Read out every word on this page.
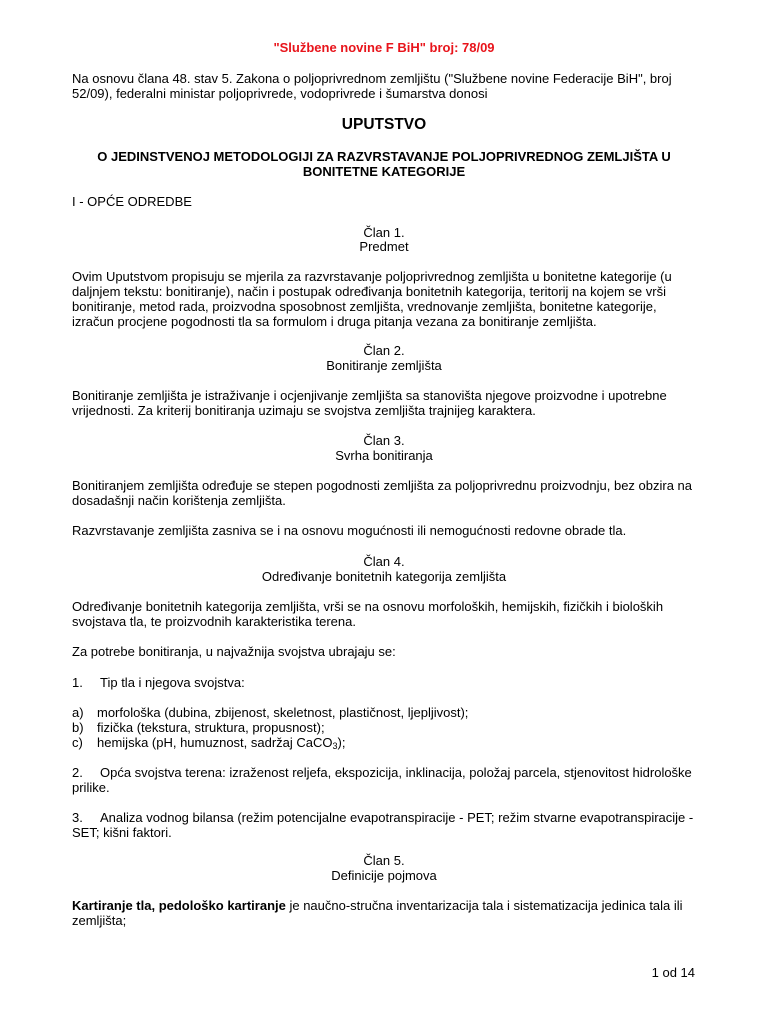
"Službene novine F BiH" broj: 78/09

Na osnovu člana 48. stav 5. Zakona o poljoprivrednom zemljištu ("Službene novine Federacije BiH", broj 52/09), federalni ministar poljoprivrede, vodoprivrede i šumarstva donosi

UPUTSTVO

O JEDINSTVENOJ METODOLOGIJI ZA RAZVRSTAVANJE POLJOPRIVREDNOG ZEMLJIŠTA U BONITETNE KATEGORIJE

I - OPĆE ODREDBE

Član 1.

Predmet

Ovim Uputstvom propisuju se mjerila za razvrstavanje poljoprivrednog zemljišta u bonitetne kategorije (u daljnjem tekstu: bonitiranje), način i postupak određivanja bonitetnih kategorija, teritorij na kojem se vrši bonitiranje, metod rada, proizvodna sposobnost zemljišta, vrednovanje zemljišta, bonitetne kategorije, izračun procjene pogodnosti tla sa formulom i druga pitanja vezana za bonitiranje zemljišta.

Član 2.

Bonitiranje zemljišta

Bonitiranje zemljišta je istraživanje i ocjenjivanje zemljišta sa stanovišta njegove proizvodne i upotrebne vrijednosti. Za kriterij bonitiranja uzimaju se svojstva zemljišta trajnijeg karaktera.

Član 3.

Svrha bonitiranja

Bonitiranjem zemljišta određuje se stepen pogodnosti zemljišta za poljoprivrednu proizvodnju, bez obzira na dosadašnji način korištenja zemljišta.

Razvrstavanje zemljišta zasniva se i na osnovu mogućnosti ili nemogućnosti redovne obrade tla.

Član 4.

Određivanje bonitetnih kategorija zemljišta

Određivanje bonitetnih kategorija zemljišta, vrši se na osnovu morfoloških, hemijskih, fizičkih i bioloških svojstava tla, te proizvodnih karakteristika terena.

Za potrebe bonitiranja, u najvažnija svojstva ubrajaju se:

1. Tip tla i njegova svojstva:
a) morfološka (dubina, zbijenost, skeletnost, plastičnost, ljepljivost);
b) fizička (tekstura, struktura, propusnost);
c) hemijska (pH, humuznost, sadržaj CaCO$_3$);
2. Opća svojstva terena: izraženost reljefa, ekspozicija, inklinacija, položaj parcela, stjenovitost hidrološke prilike.
3. Analiza vodnog bilansa (režim potencijalne evapotranspiracije - PET; režim stvarne evapotranspiracije - SET; kišni faktori.

Član 5.

Definicije pojmova

Kartiranje tla, pedološko kartiranje je naučno-stručna inventarizacija tala i sistematizacija jedinica tala ili zemljišta;

1 od 14
